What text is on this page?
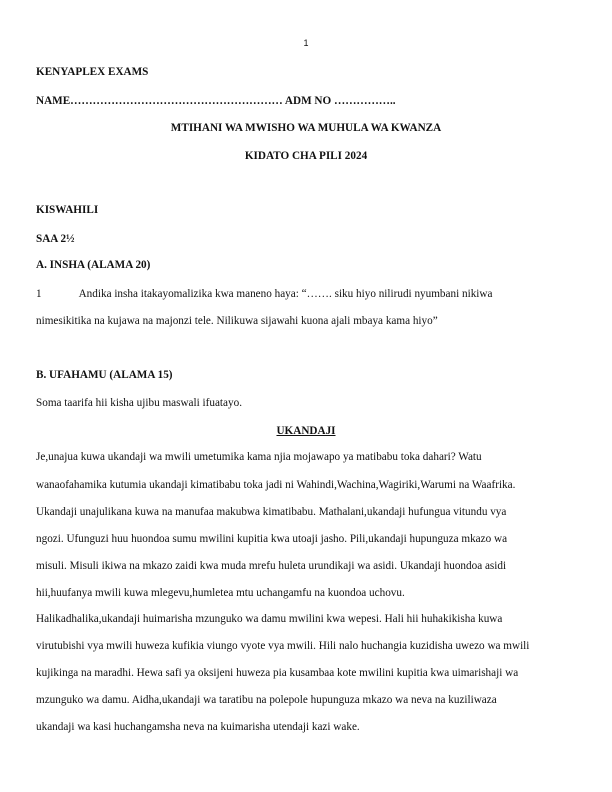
1
KENYAPLEX EXAMS
NAME………………………………………………… ADM NO ……………..
MTIHANI WA MWISHO WA MUHULA WA KWANZA
KIDATO CHA PILI 2024
KISWAHILI
SAA 2½
A. INSHA (ALAMA 20)
1	Andika insha itakayomalizika kwa maneno haya: “……. siku hiyo nilirudi nyumbani nikiwa
nimesikitika na kujawa na majonzi tele. Nilikuwa sijawahi kuona ajali mbaya kama hiyo”
B. UFAHAMU (ALAMA 15)
Soma taarifa hii kisha ujibu maswali ifuatayo.
UKANDAJI
Je,unajua kuwa ukandaji wa mwili umetumika kama njia mojawapo ya matibabu toka dahari? Watu
wanaofahamika kutumia ukandaji kimatibabu toka jadi ni Wahindi,Wachina,Wagiriki,Warumi na Waafrika.
Ukandaji unajulikana kuwa na manufaa makubwa kimatibabu. Mathalani,ukandaji hufungua vitundu vya
ngozi. Ufunguzi huu huondoa sumu mwilini kupitia kwa utoaji jasho. Pili,ukandaji hupunguza mkazo wa
misuli. Misuli ikiwa na mkazo zaidi kwa muda mrefu huleta urundikaji wa asidi. Ukandaji huondoa asidi
hii,huufanya mwili kuwa mlegevu,humletea mtu uchangamfu na kuondoa uchovu.
Halikadhalika,ukandaji huimarisha mzunguko wa damu mwilini kwa wepesi. Hali hii huhakikisha kuwa
virutubishi vya mwili huweza kufikia viungo vyote vya mwili. Hili nalo huchangia kuzidisha uwezo wa mwili
kujikinga na maradhi. Hewa safi ya oksijeni huweza pia kusambaa kote mwilini kupitia kwa uimarishaji wa
mzunguko wa damu. Aidha,ukandaji wa taratibu na polepole hupunguza mkazo wa neva na kuziliwaza
ukandaji wa kasi huchangamsha neva na kuimarisha utendaji kazi wake.
